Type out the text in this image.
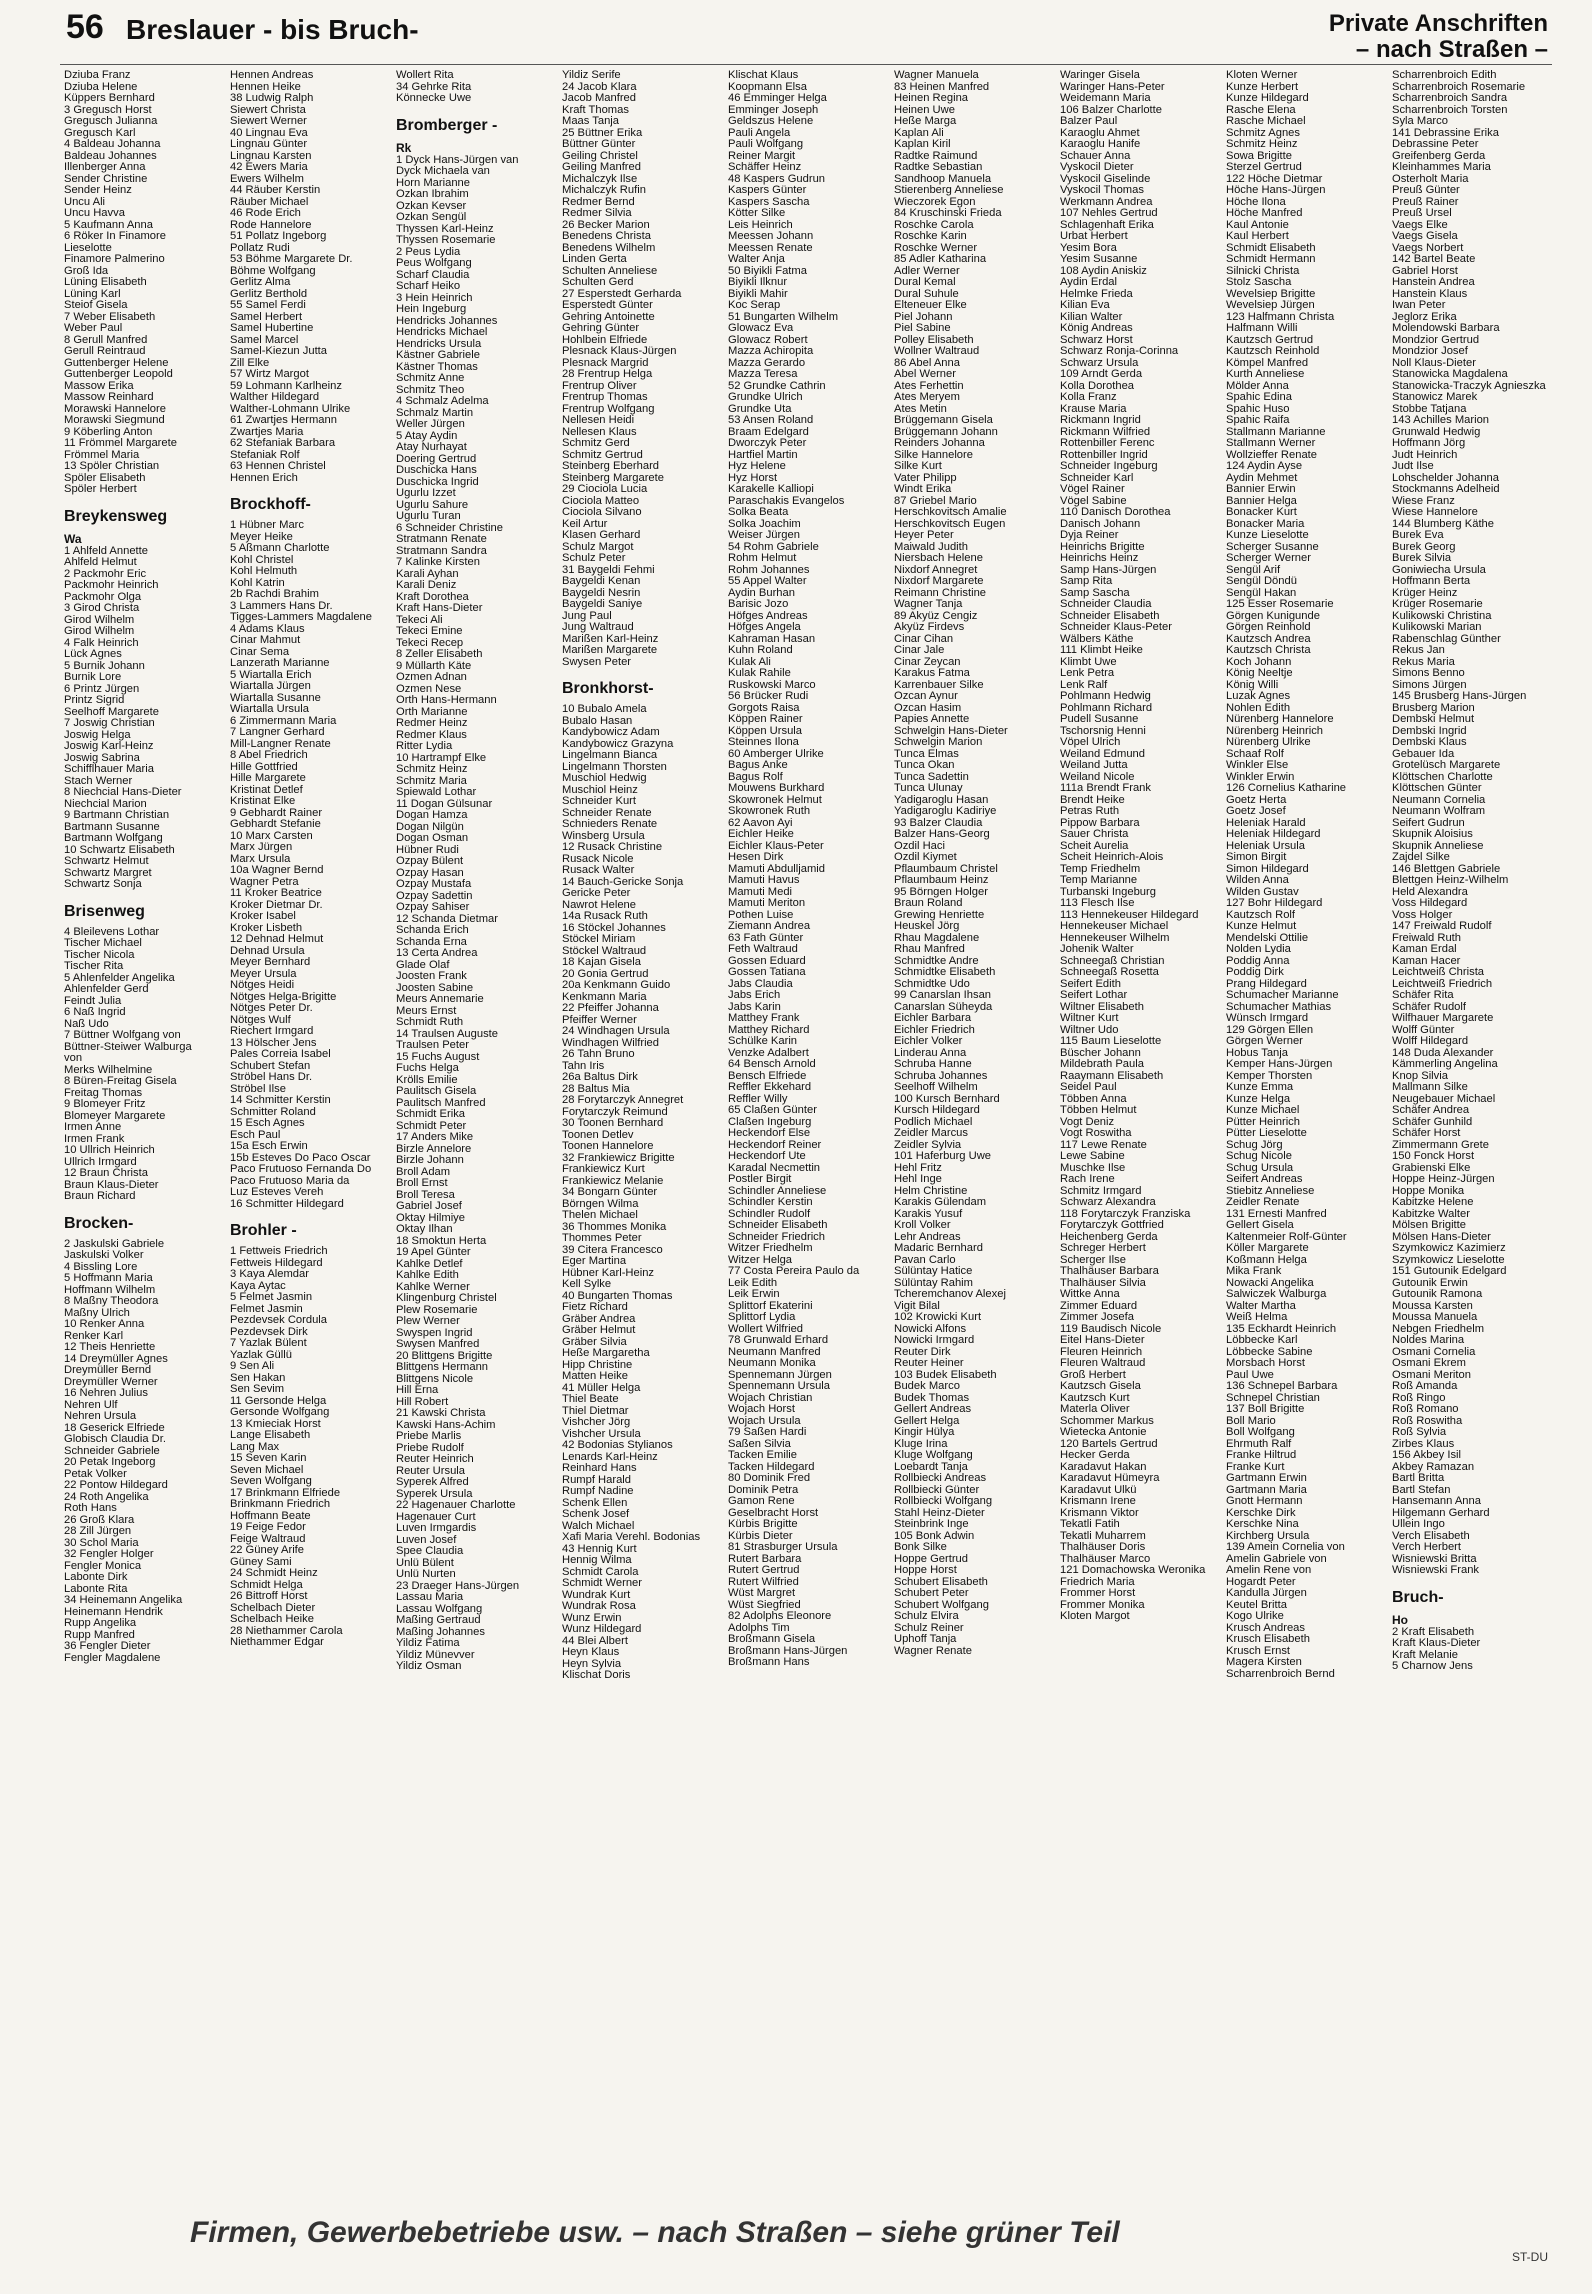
56 Breslauer - bis Bruch-	Private Anschriften
– nach Straßen –
Dziuba Franz
Dziuba Helene
Küppers Bernhard
3 Gregusch Horst
Gregusch Julianna
Gregusch Karl
4 Baldeau Johanna
Baldeau Johannes
Illenberger Anna
Sender Christine
Sender Heinz
Uncu Ali
Uncu Havva
5 Kaufmann Anna
6 Röker In Finamore
Lieselotte
Finamore Palmerino
Groß Ida
Lüning Elisabeth
Lüning Karl
Steiof Gisela
7 Weber Elisabeth
Weber Paul
8 Gerull Manfred
Gerull Reintraud
Guttenberger Helene
Guttenberger Leopold
Massow Erika
Massow Reinhard
Morawski Hannelore
Morawski Siegmund
9 Köberling Anton
11 Frömmel Margarete
Frömmel Maria
13 Spöler Christian
Spöler Elisabeth
Spöler Herbert
Breykensweg
Wa
1 Ahlfeld Annette
Ahlfeld Helmut
2 Packmohr Eric
Packmohr Heinrich
Packmohr Olga
3 Girod Christa
Girod Wilhelm
Girod Wilhelm
4 Falk Heinrich
Lück Agnes
5 Burnik Johann
Burnik Lore
6 Printz Jürgen
Printz Sigrid
Seelhoff Margarete
7 Joswig Christian
Joswig Helga
Joswig Karl-Heinz
Joswig Sabrina
Schifflhauer Maria
Stach Werner
8 Niechcial Hans-Dieter
Niechcial Marion
9 Bartmann Christian
Bartmann Susanne
Bartmann Wolfgang
10 Schwartz Elisabeth
Schwartz Helmut
Schwartz Margret
Schwartz Sonja
Brisenweg
4 Bleilevens Lothar
Tischer Michael
Tischer Nicola
Tischer Rita
5 Ahlenfelder Angelika
Ahlenfelder Gerd
Feindt Julia
6 Naß Ingrid
Naß Udo
7 Büttner Wolfgang von
Büttner-Steiwer Walburga
von
Merks Wilhelmine
8 Büren-Freitag Gisela
Freitag Thomas
9 Blomeyer Fritz
Blomeyer Margarete
Irmen Anne
Irmen Frank
10 Ullrich Heinrich
Ullrich Irmgard
12 Braun Christa
Braun Klaus-Dieter
Braun Richard
Brocken-
2 Jaskulski Gabriele
Jaskulski Volker
4 Bissling Lore
5 Hoffmann Maria
Hoffmann Wilhelm
8 Maßny Theodora
Maßny Ulrich
10 Renker Anna
Renker Karl
12 Theis Henriette
14 Dreymüller Agnes
Dreymüller Bernd
Dreymüller Werner
16 Nehren Julius
Nehren Ulf
Nehren Ursula
18 Geserick Elfriede
Globisch Claudia Dr.
Schneider Gabriele
20 Petak Ingeborg
Petak Volker
22 Pontow Hildegard
24 Roth Angelika
Roth Hans
26 Groß Klara
28 Zill Jürgen
30 Schol Maria
32 Fengler Holger
Fengler Monica
Labonte Dirk
Labonte Rita
34 Heinemann Angelika
Heinemann Hendrik
Rupp Angelika
Rupp Manfred
36 Fengler Dieter
Fengler Magdalene
Hennen Andreas
Hennen Heike
38 Ludwig Ralph
Siewert Christa
Siewert Werner
40 Lingnau Eva
Lingnau Günter
Lingnau Karsten
42 Ewers Maria
Ewers Wilhelm
44 Räuber Kerstin
Räuber Michael
46 Rode Erich
Rode Hannelore
51 Pollatz Ingeborg
Pollatz Rudi
53 Böhme Margarete Dr.
Böhme Wolfgang
Gerlitz Alma
Gerlitz Berthold
55 Samel Ferdi
Samel Herbert
Samel Hubertine
Samel Marcel
Samel-Kiezun Jutta
Zill Elke
57 Wirtz Margot
59 Lohmann Karlheinz
Walther Hildegard
Walther-Lohmann Ulrike
61 Zwartjes Hermann
Zwartjes Maria
62 Stefaniak Barbara
Stefaniak Rolf
63 Hennen Christel
Hennen Erich
Brockhoff-
1 Hübner Marc
Meyer Heike
5 Aßmann Charlotte
Kohl Christel
Kohl Helmuth
Kohl Katrin
2b Rachdi Brahim
3 Lammers Hans Dr.
Tigges-Lammers Magdalene
4 Adams Klaus
Cinar Mahmut
Cinar Sema
Lanzerath Marianne
5 Wiartalla Erich
Wiartalla Jürgen
Wiartalla Susanne
Wiartalla Ursula
6 Zimmermann Maria
7 Langner Gerhard
Mill-Langner Renate
8 Abel Friedrich
Hille Gottfried
Hille Margarete
Kristinat Detlef
Kristinat Elke
9 Gebhardt Rainer
Gebhardt Stefanie
10 Marx Carsten
Marx Jürgen
Marx Ursula
10a Wagner Bernd
Wagner Petra
11 Kroker Beatrice
Kroker Dietmar Dr.
Kroker Isabel
Kroker Lisbeth
12 Dehnad Helmut
Dehnad Ursula
Meyer Bernhard
Meyer Ursula
Nötges Heidi
Nötges Helga-Brigitte
Nötges Peter Dr.
Nötges Wulf
Riechert Irmgard
13 Hölscher Jens
Pales Correia Isabel
Schubert Stefan
Ströbel Hans Dr.
Ströbel Ilse
14 Schmitter Kerstin
Schmitter Roland
15 Esch Agnes
Esch Paul
15a Esch Erwin
15b Esteves Do Paco Oscar
Paco Frutuoso Fernanda Do
Paco Frutuoso Maria da
Luz Esteves Vereh
16 Schmitter Hildegard
Brohler -
1 Fettweis Friedrich
Fettweis Hildegard
3 Kaya Alemdar
Kaya Aytac
5 Felmet Jasmin
Felmet Jasmin
Pezdevsek Cordula
Pezdevsek Dirk
7 Yazlak Bülent
Yazlak Güllü
9 Sen Ali
Sen Hakan
Sen Sevim
11 Gersonde Helga
Gersonde Wolfgang
13 Kmieciak Horst
Lange Elisabeth
Lang Max
15 Seven Karin
Seven Michael
Seven Wolfgang
17 Brinkmann Elfriede
Brinkmann Friedrich
Hoffmann Beate
19 Feige Fedor
Feige Waltraud
22 Güney Arife
Güney Sami
24 Schmidt Heinz
Schmidt Helga
26 Bittroff Horst
Schelbach Dieter
Schelbach Heike
28 Niethammer Carola
Niethammer Edgar
Wollert Rita
34 Gehrke Rita
Könnecke Uwe
Bromberger -
Rk
1 Dyck Hans-Jürgen van
Dyck Michaela van
Horn Marianne
Özkan Ibrahim
Özkan Kevser
Özkan Sengül
Thyssen Karl-Heinz
Thyssen Rosemarie
2 Peus Lydia
Peus Wolfgang
Scharf Claudia
Scharf Heiko
3 Hein Heinrich
Hein Ingeburg
Hendricks Johannes
Hendricks Michael
Hendricks Ursula
Kästner Gabriele
Kästner Thomas
Schmitz Anne
Schmitz Theo
4 Schmalz Adelma
Schmalz Martin
Weller Jürgen
5 Atay Aydin
Atay Nurhayat
Doering Gertrud
Duschicka Hans
Duschicka Ingrid
Ugurlu Izzet
Ugurlu Sahure
Ugurlu Turan
6 Schneider Christine
Stratmann Renate
Stratmann Sandra
7 Kalinke Kirsten
Karali Ayhan
Karali Deniz
Kraft Dorothea
Kraft Hans-Dieter
Tekeci Ali
Tekeci Emine
Tekeci Recep
8 Zeller Elisabeth
9 Müllarth Käte
Özmen Adnan
Özmen Nese
Orth Hans-Hermann
Orth Marianne
Redmer Heinz
Redmer Klaus
Ritter Lydia
10 Hartrampf Elke
Schmitz Heinz
Schmitz Maria
Spiewald Lothar
11 Dogan Gülsunar
Dogan Hamza
Dogan Nilgün
Dogan Osman
Hübner Rudi
Özpay Bülent
Özpay Hasan
Özpay Mustafa
Özpay Sadettin
Özpay Sahiser
12 Schanda Dietmar
Schanda Erich
Schanda Erna
13 Certa Andrea
Glade Olaf
Joosten Frank
Joosten Sabine
Meurs Annemarie
Meurs Ernst
Schmidt Ruth
14 Traulsen Auguste
Traulsen Peter
15 Fuchs August
Fuchs Helga
Krölls Emilie
Paulitsch Gisela
Paulitsch Manfred
Schmidt Erika
Schmidt Peter
17 Anders Mike
Birzle Annelore
Birzle Johann
Broll Adam
Broll Ernst
Broll Teresa
Gabriel Josef
Oktay Hilmiye
Oktay Ilhan
18 Smoktun Herta
19 Apel Günter
Kahlke Detlef
Kahlke Edith
Kahlke Werner
Klingenburg Christel
Plew Rosemarie
Plew Werner
Swyspen Ingrid
Swysen Manfred
20 Blittgens Brigitte
Blittgens Hermann
Blittgens Nicole
Hill Erna
Hill Robert
21 Kawski Christa
Kawski Hans-Achim
Priebe Marlis
Priebe Rudolf
Reuter Heinrich
Reuter Ursula
Syperek Alfred
Syperek Ursula
22 Hagenauer Charlotte
Hagenauer Curt
Luven Irmgardis
Luven Josef
Spee Claudia
Unlü Bülent
Unlü Nurten
23 Draeger Hans-Jürgen
Lassau Maria
Lassau Wolfgang
Maßing Gertraud
Maßing Johannes
Yildiz Fatima
Yildiz Münevver
Yildiz Osman
Yildiz Serife
24 Jacob Klara
Jacob Manfred
Kraft Thomas
Maas Tanja
25 Büttner Erika
Büttner Günter
Geiling Christel
Geiling Manfred
Michalczyk Ilse
Michalczyk Rufin
Redmer Bernd
Redmer Silvia
26 Becker Marion
Benedens Christa
Benedens Wilhelm
Linden Gerta
Schulten Anneliese
Schulten Gerd
27 Esperstedt Gerharda
Esperstedt Günter
Gehring Antoinette
Gehring Günter
Hohlbein Elfriede
Plesnack Klaus-Jürgen
Plesnack Margrid
28 Frentrup Helga
Frentrup Oliver
Frentrup Thomas
Frentrup Wolfgang
Nellesen Heidi
Nellesen Klaus
Schmitz Gerd
Schmitz Gertrud
Steinberg Eberhard
Steinberg Margarete
29 Ciociola Lucia
Ciociola Matteo
Ciociola Silvano
Keil Artur
Klasen Gerhard
Schulz Margot
Schulz Peter
31 Baygeldi Fehmi
Baygeldi Kenan
Baygeldi Nesrin
Baygeldi Saniye
Jung Paul
Jung Waltraud
Marißen Karl-Heinz
Marißen Margarete
Swysen Peter
Bronkhorst-
10 Bubalo Amela
Bubalo Hasan
Kandybowicz Adam
Kandybowicz Grazyna
Lingelmann Bianca
Lingelmann Thorsten
Muschiol Hedwig
Muschiol Heinz
Schneider Kurt
Schneider Renate
Schnieders Renate
Winsberg Ursula
12 Rusack Christine
Rusack Nicole
Rusack Walter
14 Bauch-Gericke Sonja
Gericke Peter
Nawrot Helene
14a Rusack Ruth
16 Stöckel Johannes
Stöckel Miriam
Stöckel Waltraud
18 Kajan Gisela
20 Gonia Gertrud
20a Kenkmann Guido
Kenkmann Maria
22 Pfeiffer Johanna
Pfeiffer Werner
24 Windhagen Ursula
Windhagen Wilfried
26 Tahn Bruno
Tahn Iris
26a Baltus Dirk
28 Baltus Mia
28 Forytarczyk Annegret
Forytarczyk Reimund
30 Toonen Bernhard
Toonen Detlev
Toonen Hannelore
32 Frankiewicz Brigitte
Frankiewicz Kurt
Frankiewicz Melanie
34 Bongarn Günter
Börngen Wilma
Thelen Michael
36 Thommes Monika
Thommes Peter
39 Citera Francesco
Eger Martina
Hübner Karl-Heinz
Kell Sylke
40 Bungarten Thomas
Fietz Richard
Gräber Andrea
Gräber Helmut
Gräber Silvia
Heße Margaretha
Hipp Christine
Matten Heike
41 Müller Helga
Thiel Beate
Thiel Dietmar
Vishcher Jörg
Vishcher Ursula
42 Bodonias Stylianos
Lenards Karl-Heinz
Reinhard Hans
Rumpf Harald
Rumpf Nadine
Schenk Ellen
Schenk Josef
Walch Michael
Xafi Maria Verehl. Bodonias
43 Hennig Kurt
Hennig Wilma
Schmidt Carola
Schmidt Werner
Wundrak Kurt
Wundrak Rosa
Wunz Erwin
Wunz Hildegard
44 Blei Albert
Heyn Klaus
Heyn Sylvia
Klischat Doris
Klischat Klaus
Koopmann Elsa
46 Emminger Helga
Emminger Joseph
Geldszus Helene
Pauli Angela
Pauli Wolfgang
Reiner Margit
Schäffer Heinz
48 Kaspers Gudrun
Kaspers Günter
Kaspers Sascha
Kötter Silke
Leis Heinrich
Meessen Johann
Meessen Renate
Walter Anja
50 Biyikli Fatma
Biyikli Ilknur
Biyikli Mahir
Koc Serap
51 Bungarten Wilhelm
Glowacz Eva
Glowacz Robert
Mazza Achiropita
Mazza Gerardo
Mazza Teresa
52 Grundke Cathrin
Grundke Ulrich
Grundke Uta
53 Ansen Roland
Braam Edelgard
Dworczyk Peter
Hartfiel Martin
Hyz Helene
Hyz Horst
Karakelle Kalliopi
Paraschakis Evangelos
Solka Beata
Solka Joachim
Weiser Jürgen
54 Rohm Gabriele
Rohm Helmut
Rohm Johannes
55 Appel Walter
Aydin Burhan
Barisic Jozo
Höfges Andreas
Höfges Angela
Kahraman Hasan
Kuhn Roland
Kulak Ali
Kulak Rahile
Ruskowski Marco
56 Brücker Rudi
Gorgots Raisa
Köppen Rainer
Köppen Ursula
Steinnes Ilona
60 Amberger Ulrike
Bagus Anke
Bagus Rolf
Mouwens Burkhard
Skowronek Helmut
Skowronek Ruth
62 Aavon Ayi
Eichler Heike
Eichler Klaus-Peter
Hesen Dirk
Mamuti Abdulljamid
Mamuti Havus
Mamuti Medi
Mamuti Meriton
Pothen Luise
Ziemann Andrea
63 Fath Günter
Feth Waltraud
Gossen Eduard
Gossen Tatiana
Jabs Claudia
Jabs Erich
Jabs Karin
Matthey Frank
Matthey Richard
Schülke Karin
Venzke Adalbert
64 Bensch Arnold
Bensch Elfriede
Reffler Ekkehard
Reffler Willy
65 Claßen Günter
Claßen Ingeburg
Heckendorf Else
Heckendorf Reiner
Heckendorf Ute
Karadal Necmettin
Postler Birgit
Schindler Anneliese
Schindler Kerstin
Schindler Rudolf
Schneider Elisabeth
Schneider Friedrich
Witzer Friedhelm
Witzer Helga
77 Costa Pereira Paulo da
Leik Edith
Leik Erwin
Splittorf Ekaterini
Splittorf Lydia
Wollert Wilfried
78 Grunwald Erhard
Neumann Manfred
Neumann Monika
Spennemann Jürgen
Spennemann Ursula
Wojach Christian
Wojach Horst
Wojach Ursula
79 Saßen Hardi
Saßen Silvia
Tacken Emilie
Tacken Hildegard
80 Dominik Fred
Dominik Petra
Gamon Rene
Geselbracht Horst
Kürbis Brigitte
Kürbis Dieter
81 Strasburger Ursula
Rutert Barbara
Rutert Gertrud
Rutert Wilfried
Wüst Margret
Wüst Siegfried
82 Adolphs Eleonore
Adolphs Tim
Broßmann Gisela
Broßmann Hans-Jürgen
Broßmann Hans
Wagner Manuela
83 Heinen Manfred
Heinen Regina
Heinen Uwe
Heße Marga
Kaplan Ali
Kaplan Kiril
Radtke Raimund
Radtke Sebastian
Sandhoop Manuela
Stierenberg Anneliese
Wieczorek Egon
84 Kruschinski Frieda
Roschke Carola
Roschke Karin
Roschke Werner
85 Adler Katharina
Adler Werner
Dural Kemal
Dural Suhule
Elteneuer Elke
Piel Johann
Piel Sabine
Polley Elisabeth
Wollner Waltraud
86 Abel Anna
Abel Werner
Ates Ferhettin
Ates Meryem
Ates Metin
Brüggemann Gisela
Brüggemann Johann
Reinders Johanna
Silke Hannelore
Silke Kurt
Vater Philipp
Windt Erika
87 Griebel Mario
Herschkovitsch Amalie
Herschkovitsch Eugen
Heyer Peter
Maiwald Judith
Niersbach Helene
Nixdorf Annegret
Nixdorf Margarete
Reimann Christine
Wagner Tanja
89 Akyüz Cengiz
Akyüz Firdevs
Cinar Cihan
Cinar Jale
Cinar Zeycan
Karakus Fatma
Karrenbauer Silke
Özcan Aynur
Özcan Hasim
Papies Annette
Schwelgin Hans-Dieter
Schwelgin Marion
Tunca Elmas
Tunca Okan
Tunca Sadettin
Tunca Ulunay
Yadigaroglu Hasan
Yadigaroglu Kadiriye
93 Balzer Claudia
Balzer Hans-Georg
Özdil Haci
Özdil Kiymet
Pflaumbaum Christel
Pflaumbaum Heinz
95 Börngen Holger
Braun Roland
Grewing Henriette
Heuskel Jörg
Rhau Magdalene
Rhau Manfred
Schmidtke Andre
Schmidtke Elisabeth
Schmidtke Udo
99 Canarslan Ihsan
Canarslan Süheyda
Eichler Barbara
Eichler Friedrich
Eichler Volker
Linderau Anna
Schruba Hanne
Schruba Johannes
Seelhoff Wilhelm
100 Kursch Bernhard
Kursch Hildegard
Podlich Michael
Zeidler Marcus
Zeidler Sylvia
101 Haferburg Uwe
Hehl Fritz
Hehl Inge
Helm Christine
Karakis Gülendam
Karakis Yusuf
Kroll Volker
Lehr Andreas
Madaric Bernhard
Pavan Carlo
Sülüntay Hatice
Sülüntay Rahim
Tcheremchanov Alexej
Vigit Bilal
102 Krowicki Kurt
Nowicki Alfons
Nowicki Irmgard
Reuter Dirk
Reuter Heiner
103 Budek Elisabeth
Budek Marco
Budek Thomas
Gellert Andreas
Gellert Helga
Kingir Hülya
Kluge Irina
Kluge Wolfgang
Loebardt Tanja
Rollbiecki Andreas
Rollbiecki Günter
Rollbiecki Wolfgang
Stahl Heinz-Dieter
Steinbrink Inge
105 Bonk Adwin
Bonk Silke
Hoppe Gertrud
Hoppe Horst
Schubert Elisabeth
Schubert Peter
Schubert Wolfgang
Schulz Elvira
Schulz Reiner
Uphoff Tanja
Wagner Renate
Waringer Gisela
Waringer Hans-Peter
Weidemann Maria
106 Balzer Charlotte
Balzer Paul
Karaoglu Ahmet
Karaoglu Hanife
Schauer Anna
Vyskocil Dieter
Vyskocil Giselinde
Vyskocil Thomas
Werkmann Andrea
107 Nehles Gertrud
Schlagenhaft Erika
Urbat Herbert
Yesim Bora
Yesim Susanne
108 Aydin Aniskiz
Aydin Erdal
Helmke Frieda
Kilian Eva
Kilian Walter
König Andreas
Schwarz Horst
Schwarz Ronja-Corinna
Schwarz Ursula
109 Arndt Gerda
Kolla Dorothea
Kolla Franz
Krause Maria
Rickmann Ingrid
Rickmann Wilfried
Rottenbiller Ferenc
Rottenbiller Ingrid
Schneider Ingeburg
Schneider Karl
Vögel Rainer
Vögel Sabine
110 Danisch Dorothea
Danisch Johann
Dyja Reiner
Heinrichs Brigitte
Heinrichs Heinz
Samp Hans-Jürgen
Samp Rita
Samp Sascha
Schneider Claudia
Schneider Elisabeth
Schneider Klaus-Peter
Wälbers Käthe
111 Klimbt Heike
Klimbt Uwe
Lenk Petra
Lenk Ralf
Pohlmann Hedwig
Pohlmann Richard
Pudell Susanne
Tschorsnig Henni
Vöpel Ulrich
Weiland Edmund
Weiland Jutta
Weiland Nicole
111a Brendt Frank
Brendt Heike
Petras Ruth
Pippow Barbara
Sauer Christa
Scheit Aurelia
Scheit Heinrich-Alois
Temp Friedhelm
Temp Marianne
Turbanski Ingeburg
113 Flesch Ilse
113 Hennekeuser Hildegard
Hennekeuser Michael
Hennekeuser Wilhelm
Johenik Walter
Schneegaß Christian
Schneegaß Rosetta
Seifert Edith
Seifert Lothar
Wiltner Elisabeth
Wiltner Kurt
Wiltner Udo
115 Baum Lieselotte
Büscher Johann
Mildebrath Paula
Raaymann Elisabeth
Seidel Paul
Többen Anna
Többen Helmut
Vogt Deniz
Vogt Roswitha
117 Lewe Renate
Lewe Sabine
Muschke Ilse
Rach Irene
Schmitz Irmgard
Schwarz Alexandra
118 Forytarczyk Franziska
Forytarczyk Gottfried
Heichenberg Gerda
Schreger Herbert
Scherger Ilse
Thalhäuser Barbara
Thalhäuser Silvia
Wittke Anna
Zimmer Eduard
Zimmer Josefa
119 Baudisch Nicole
Eitel Hans-Dieter
Fleuren Heinrich
Fleuren Waltraud
Groß Herbert
Kautzsch Gisela
Kautzsch Kurt
Materla Oliver
Schommer Markus
Wietecka Antonie
120 Bartels Gertrud
Hecker Gerda
Karadavut Hakan
Karadavut Hümeyra
Karadavut Ülkü
Krismann Irene
Krismann Viktor
Tekatli Fatih
Tekatli Muharrem
Thalhäuser Doris
Thalhäuser Marco
121 Domachowska Weronika
Friedrich Maria
Frommer Horst
Frommer Monika
Kloten Margot
Kloten Werner
Kunze Herbert
Kunze Hildegard
Rasche Elena
Rasche Michael
Schmitz Agnes
Schmitz Heinz
Sowa Brigitte
Sterzel Gertrud
122 Höche Dietmar
Höche Hans-Jürgen
Höche Ilona
Höche Manfred
Kaul Antonie
Kaul Herbert
Schmidt Elisabeth
Schmidt Hermann
Silnicki Christa
Stolz Sascha
Wevelsiep Brigitte
Wevelsiep Jürgen
123 Halfmann Christa
Halfmann Willi
Kautzsch Gertrud
Kautzsch Reinhold
Kömpel Manfred
Kurth Anneliese
Mölder Anna
Spahic Edina
Spahic Huso
Spahic Raifa
Stallmann Marianne
Stallmann Werner
Wollzieffer Renate
124 Aydin Ayse
Aydin Mehmet
Bannier Erwin
Bannier Helga
Bonacker Kurt
Bonacker Maria
Kunze Lieselotte
Scherger Susanne
Scherger Werner
Sengül Arif
Sengül Döndü
Sengül Hakan
125 Esser Rosemarie
Görgen Kunigunde
Görgen Reinhold
Kautzsch Andrea
Kautzsch Christa
Koch Johann
König Neeltje
König Willi
Luzak Agnes
Nohlen Edith
Nürenberg Hannelore
Nürenberg Heinrich
Nürenberg Ulrike
Schaaf Rolf
Winkler Else
Winkler Erwin
126 Cornelius Katharine
Goetz Herta
Goetz Josef
Heleniak Harald
Heleniak Hildegard
Heleniak Ursula
Simon Birgit
Simon Hildegard
Wilden Anna
Wilden Gustav
127 Bohr Hildegard
Kautzsch Rolf
Kunze Helmut
Mendelski Ottilie
Nolden Lydia
Poddig Anna
Poddig Dirk
Prang Hildegard
Schumacher Marianne
Schumacher Mathias
Wünsch Irmgard
129 Görgen Ellen
Görgen Werner
Hobus Tanja
Kemper Hans-Jürgen
Kemper Thorsten
Kunze Emma
Kunze Helga
Kunze Michael
Pütter Heinrich
Pütter Lieselotte
Schug Jörg
Schug Nicole
Schug Ursula
Seifert Andreas
Stiebitz Anneliese
Zeidler Renate
131 Ernesti Manfred
Gellert Gisela
Kaltenmeier Rolf-Günter
Köller Margarete
Koßmann Helga
Mika Frank
Nowacki Angelika
Salwiczek Walburga
Walter Martha
Weiß Helma
135 Eckhardt Heinrich
Löbbecke Karl
Löbbecke Sabine
Morsbach Horst
Paul Uwe
136 Schnepel Barbara
Schnepel Christian
137 Boll Brigitte
Boll Mario
Boll Wolfgang
Ehrmuth Ralf
Franke Hiltrud
Franke Kurt
Gartmann Erwin
Gartmann Maria
Gnott Hermann
Kerschke Dirk
Kerschke Nina
Kirchberg Ursula
139 Amein Cornelia von
Amelin Gabriele von
Amelin Rene von
Hogardt Peter
Kandulla Jürgen
Keutel Britta
Kogo Ulrike
Krusch Andreas
Krusch Elisabeth
Krusch Ernst
Magera Kirsten
Scharrenbroich Bernd
Scharrenbroich Edith
Scharrenbroich Rosemarie
Scharrenbroich Sandra
Scharrenbroich Torsten
Syla Marco
141 Debrassine Erika
Debrassine Peter
Greifenberg Gerda
Kleinhammes Maria
Osterholt Maria
Preuß Günter
Preuß Rainer
Preuß Ursel
Vaegs Elke
Vaegs Gisela
Vaegs Norbert
142 Bartel Beate
Gabriel Horst
Hanstein Andrea
Hanstein Klaus
Iwan Peter
Jeglorz Erika
Molendowski Barbara
Mondzior Gertrud
Mondzior Josef
Noll Klaus-Dieter
Stanowicka Magdalena
Stanowicka-Traczyk Agnieszka
Stanowicz Marek
Stobbe Tatjana
143 Achilles Marion
Grunwald Hedwig
Hoffmann Jörg
Judt Heinrich
Judt Ilse
Lohschelder Johanna
Stockmanns Adelheid
Wiese Franz
Wiese Hannelore
144 Blumberg Käthe
Burek Eva
Burek Georg
Burek Silvia
Goniwiecha Ursula
Hoffmann Berta
Krüger Heinz
Krüger Rosemarie
Kulikowski Christina
Kulikowski Marian
Rabenschlag Günther
Rekus Jan
Rekus Maria
Simons Benno
Simons Jürgen
145 Brusberg Hans-Jürgen
Brusberg Marion
Dembski Helmut
Dembski Ingrid
Dembski Klaus
Gebauer Ida
Grotelüsch Margarete
Klöttschen Charlotte
Klöttschen Günter
Neumann Cornelia
Neumann Wolfram
Seifert Gudrun
Skupnik Aloisius
Skupnik Anneliese
Zajdel Silke
146 Blettgen Gabriele
Blettgen Heinz-Wilhelm
Held Alexandra
Voss Hildegard
Voss Holger
147 Freiwald Rudolf
Freiwald Ruth
Kaman Erdal
Kaman Hacer
Leichtweiß Christa
Leichtweiß Friedrich
Schäfer Rita
Schäfer Rudolf
Wilfhauer Margarete
Wolff Günter
Wolff Hildegard
148 Duda Alexander
Kämmerling Angelina
Knop Silvia
Mallmann Silke
Neugebauer Michael
Schäfer Andrea
Schäfer Gunhild
Schäfer Horst
Zimmermann Grete
150 Fonck Horst
Grabienski Elke
Hoppe Heinz-Jürgen
Hoppe Monika
Kabitzke Helene
Kabitzke Walter
Mölsen Brigitte
Mölsen Hans-Dieter
Szymkowicz Kazimierz
Szymkowicz Lieselotte
151 Gutounik Edelgard
Gutounik Erwin
Gutounik Ramona
Moussa Karsten
Moussa Manuela
Nebgen Friedhelm
Noldes Marina
Osmani Cornelia
Osmani Ekrem
Osmani Meriton
Roß Amanda
Roß Ringo
Roß Romano
Roß Roswitha
Roß Sylvia
Zirbes Klaus
156 Akbey Isil
Akbey Ramazan
Bartl Britta
Bartl Stefan
Hansemann Anna
Hilgemann Gerhard
Ullein Ingo
Verch Elisabeth
Verch Herbert
Wisniewski Britta
Wisniewski Frank
Bruch-
Ho
2 Kraft Elisabeth
Kraft Klaus-Dieter
Kraft Melanie
5 Charnow Jens
Firmen, Gewerbebetriebe usw. – nach Straßen – siehe grüner Teil
ST-DU
